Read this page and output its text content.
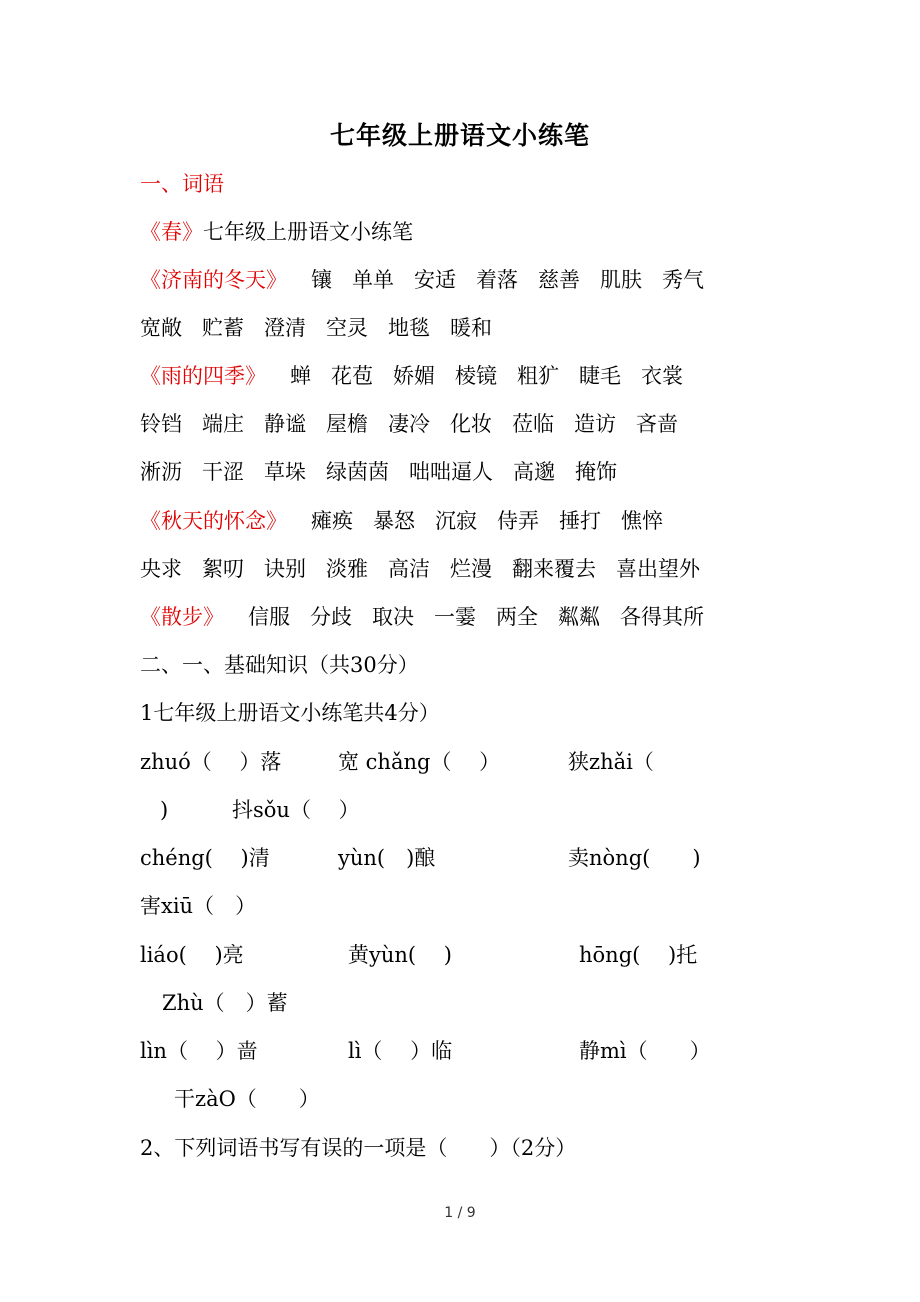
七年级上册语文小练笔
一、词语
《春》七年级上册语文小练笔
《济南的冬天》 镶 单单 安适 着落 慈善 肌肤 秀气
宽敞 贮蓄 澄清 空灵 地毯 暖和
《雨的四季》 蝉 花苞 娇媚 棱镜 粗犷 睫毛 衣裳
铃铛 端庄 静谧 屋檐 凄冷 化妆 莅临 造访 吝啬
淅沥 干涩 草垛 绿茵茵 咄咄逼人 高邈 掩饰
《秋天的怀念》 瘫痪 暴怒 沉寂 侍弄 捶打 憔悴
央求 絮叨 诀别 淡雅 高洁 烂漫 翻来覆去 喜出望外
《散步》 信服 分歧 取决 一霎 两全 粼粼 各得其所
二、一、基础知识（共30分）
1七年级上册语文小练笔共4分）
zhuó（　 ）落	宽 chǎng（　 ）	狭zhǎi（
)	抖sǒu（　 ）
chéng(　 )清	yùn(　)酿	卖nòng(　　)
害xiū（　）
liáo(　 )亮	黄yùn(　 )	hōng(　 )托
Zhù（　）蓄
lìn（　 ）啬	lì（　 ）临	静mì（　　）
干zàO（　　）
2、下列词语书写有误的一项是（　　）（2分）
1 / 9
